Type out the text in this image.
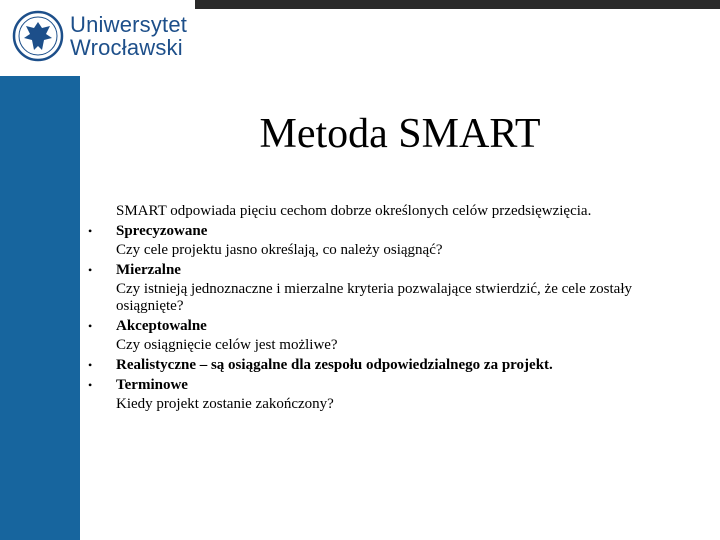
Uniwersytet
Wrocławski
Metoda SMART
SMART odpowiada pięciu cechom dobrze określonych celów przedsięwzięcia.
• Sprecyzowane
Czy cele projektu jasno określają, co należy osiągnąć?
• Mierzalne
Czy istnieją jednoznaczne i mierzalne kryteria pozwalające stwierdzić, że cele zostały osiągnięte?
• Akceptowalne
Czy osiągnięcie celów jest możliwe?
• Realistyczne – są osiągalne dla zespołu odpowiedzialnego za projekt.
• Terminowe
Kiedy projekt zostanie zakończony?
